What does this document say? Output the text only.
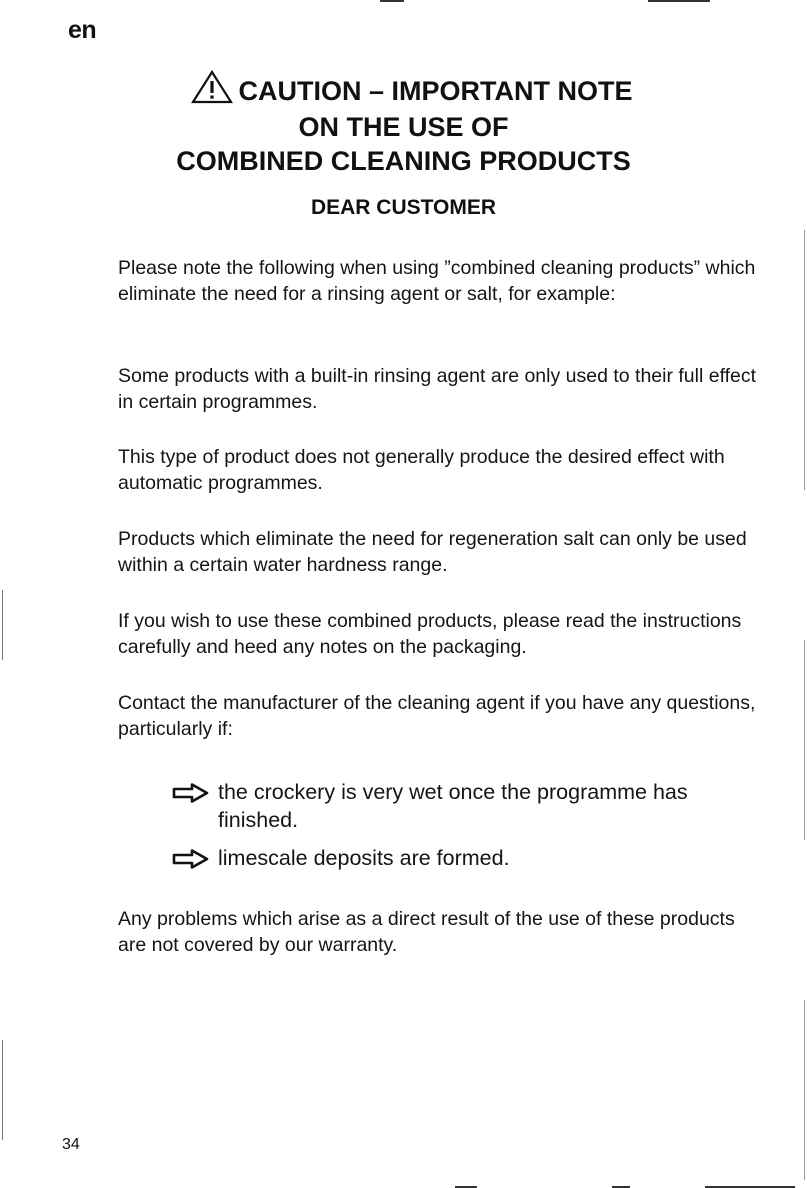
en
CAUTION – IMPORTANT NOTE
ON THE USE OF
COMBINED CLEANING PRODUCTS
DEAR CUSTOMER
Please note the following when using ”combined cleaning products” which eliminate the need for a rinsing agent or salt, for example:
Some products with a built-in rinsing agent are only used to their full effect in certain programmes.
This type of product does not generally produce the desired effect with automatic programmes.
Products which eliminate the need for regeneration salt can only be used within a certain water hardness range.
If you wish to use these combined products, please read the instructions carefully and heed any notes on the packaging.
Contact the manufacturer of the cleaning agent if you have any questions, particularly if:
the crockery is very wet once the programme has finished.
limescale deposits are formed.
Any problems which arise as a direct result of the use of these products are not covered by our warranty.
34
